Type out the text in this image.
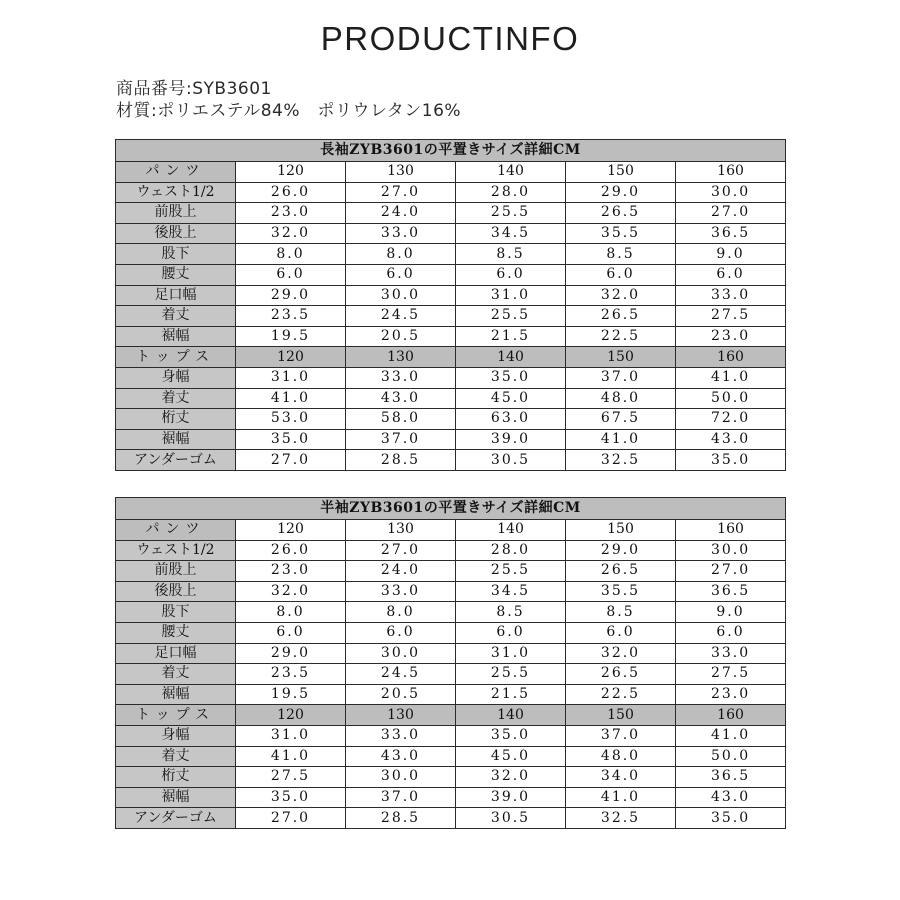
PRODUCTINFO
商品番号:SYB3601
材質:ポリエステル84%　ポリウレタン16%
長袖ZYB3601の平置きサイズ詳細CM					
パンツ	120	130	140	150	160
ウェスト1/2	26.0	27.0	28.0	29.0	30.0
前股上	23.0	24.0	25.5	26.5	27.0
後股上	32.0	33.0	34.5	35.5	36.5
股下	8.0	8.0	8.5	8.5	9.0
腰丈	6.0	6.0	6.0	6.0	6.0
足口幅	29.0	30.0	31.0	32.0	33.0
着丈	23.5	24.5	25.5	26.5	27.5
裾幅	19.5	20.5	21.5	22.5	23.0
トップス	120	130	140	150	160
身幅	31.0	33.0	35.0	37.0	41.0
着丈	41.0	43.0	45.0	48.0	50.0
桁丈	53.0	58.0	63.0	67.5	72.0
裾幅	35.0	37.0	39.0	41.0	43.0
アンダーゴム	27.0	28.5	30.5	32.5	35.0
半袖ZYB3601の平置きサイズ詳細CM					
パンツ	120	130	140	150	160
ウェスト1/2	26.0	27.0	28.0	29.0	30.0
前股上	23.0	24.0	25.5	26.5	27.0
後股上	32.0	33.0	34.5	35.5	36.5
股下	8.0	8.0	8.5	8.5	9.0
腰丈	6.0	6.0	6.0	6.0	6.0
足口幅	29.0	30.0	31.0	32.0	33.0
着丈	23.5	24.5	25.5	26.5	27.5
裾幅	19.5	20.5	21.5	22.5	23.0
トップス	120	130	140	150	160
身幅	31.0	33.0	35.0	37.0	41.0
着丈	41.0	43.0	45.0	48.0	50.0
桁丈	27.5	30.0	32.0	34.0	36.5
裾幅	35.0	37.0	39.0	41.0	43.0
アンダーゴム	27.0	28.5	30.5	32.5	35.0
